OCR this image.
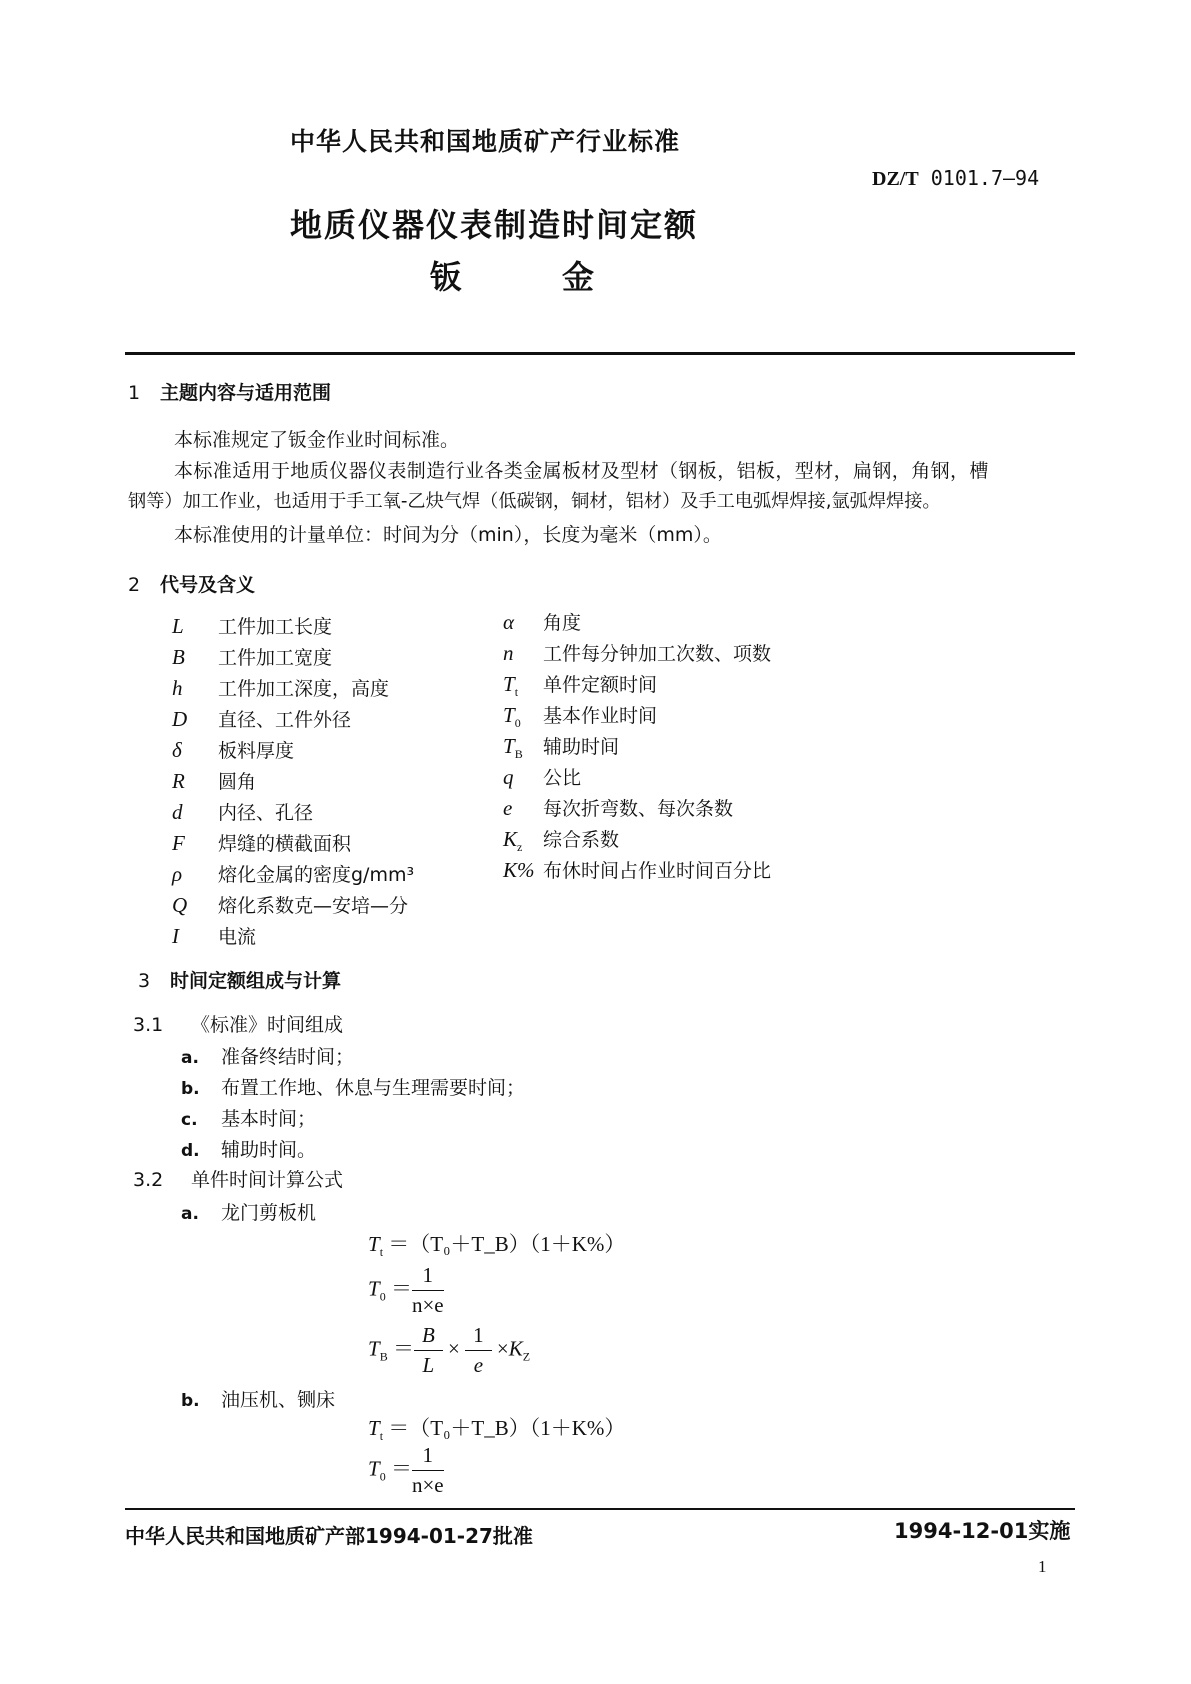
中华人民共和国地质矿产行业标准
DZ/T 0101.7—94
地质仪器仪表制造时间定额
钣	金
1 主题内容与适用范围
本标准规定了钣金作业时间标准。
本标准适用于地质仪器仪表制造行业各类金属板材及型材（钢板，铝板，型材，扁钢，角钢，槽
钢等）加工作业，也适用于手工氧-乙炔气焊（低碳钢，铜材，铝材）及手工电弧焊焊接,氩弧焊焊接。
本标准使用的计量单位：时间为分（min），长度为毫米（mm）。
2 代号及含义
L 工件加工长度
B 工件加工宽度
h 工件加工深度，高度
D 直径、工件外径
δ 板料厚度
R 圆角
d 内径、孔径
F 焊缝的横截面积
ρ 熔化金属的密度g/mm³
Q 熔化系数克—安培—分
I 电流
α 角度
n 工件每分钟加工次数、项数
$T_t$ 单件定额时间
$T_0$ 基本作业时间
$T_B$ 辅助时间
q 公比
e 每次折弯数、每次条数
$K_z$ 综合系数
K% 布休时间占作业时间百分比
3 时间定额组成与计算
3.1 《标准》时间组成
a. 准备终结时间；
b. 布置工作地、休息与生理需要时间；
c. 基本时间；
d. 辅助时间。
3.2 单件时间计算公式
a. 龙门剪板机
$T_t$ ＝（T₀＋T_B）（1＋K%）
$T_0 = \frac{1}{n\times e}$
$T_B = \frac{B}{L} \times \frac{1}{e} \times K_Z$
b. 油压机、铡床
$T_t$ ＝（T₀＋T_B）（1＋K%）
$T_0 = \frac{1}{n\times e}$
中华人民共和国地质矿产部1994-01-27批准	1994-12-01实施
1
